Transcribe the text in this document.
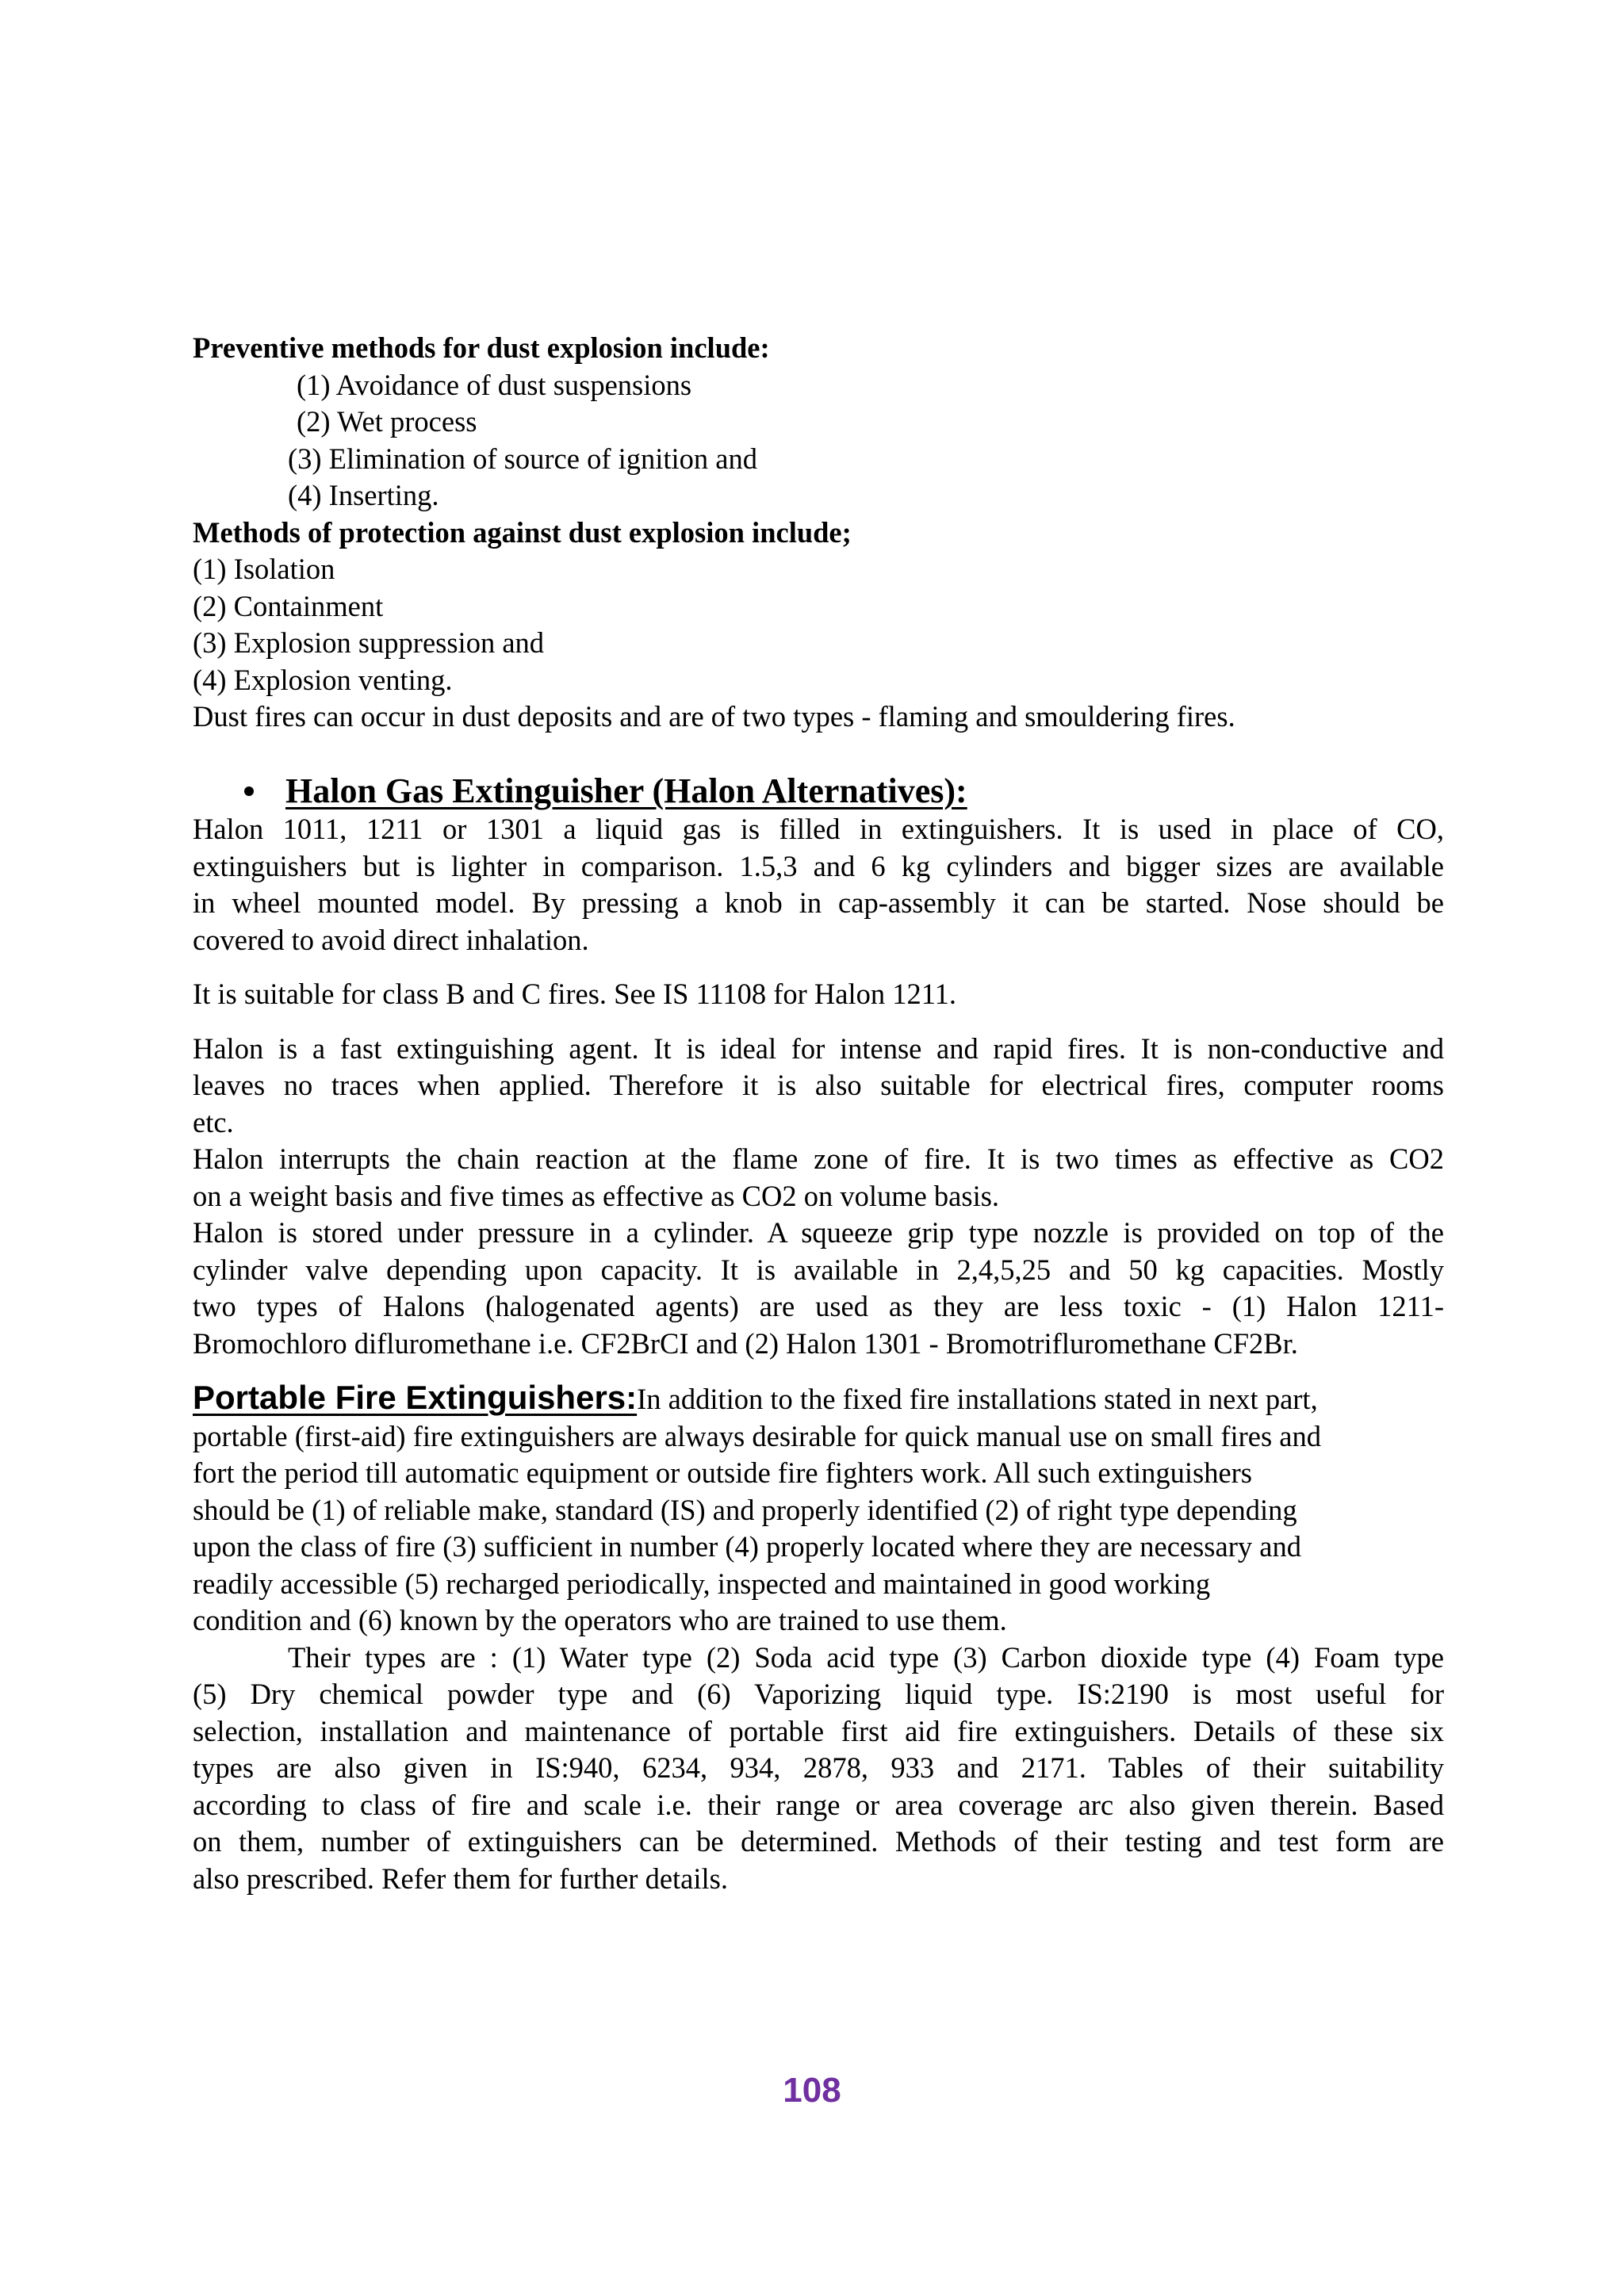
Preventive methods for dust explosion include:
(1) Avoidance of dust suspensions
(2) Wet process
(3) Elimination of source of ignition and
(4) Inserting.
Methods of protection against dust explosion include;
(1) Isolation
(2) Containment
(3) Explosion suppression and
(4) Explosion venting.
Dust fires can occur in dust deposits and are of two types - flaming and smouldering fires.
Halon Gas Extinguisher (Halon Alternatives):
Halon 1011, 1211 or 1301 a liquid gas is filled in extinguishers. It is used in place of CO,
extinguishers but is lighter in comparison. 1.5,3 and 6 kg cylinders and bigger sizes are available
in wheel mounted model. By pressing a knob in cap-assembly it can be started. Nose should be
covered to avoid direct inhalation.
It is suitable for class B and C fires. See IS 11108 for Halon 1211.
Halon is a fast extinguishing agent. It is ideal for intense and rapid fires. It is non-conductive and
leaves no traces when applied. Therefore it is also suitable for electrical fires, computer rooms
etc.
Halon interrupts the chain reaction at the flame zone of fire. It is two times as effective as CO2
on a weight basis and five times as effective as CO2 on volume basis.
Halon is stored under pressure in a cylinder. A squeeze grip type nozzle is provided on top of the
cylinder valve depending upon capacity. It is available in 2,4,5,25 and 50 kg capacities. Mostly
two types of Halons (halogenated agents) are used as they are less toxic - (1) Halon 1211-
Bromochloro difluromethane i.e. CF2BrCI and (2) Halon 1301 - Bromotrifluromethane CF2Br.
Portable Fire Extinguishers:In addition to the fixed fire installations stated in next part,
portable (first-aid) fire extinguishers are always desirable for quick manual use on small fires and
fort the period till automatic equipment or outside fire fighters work. All such extinguishers
should be (1) of reliable make, standard (IS) and properly identified (2) of right type depending
upon the class of fire (3) sufficient in number (4) properly located where they are necessary and
readily accessible (5) recharged periodically, inspected and maintained in good working
condition and (6) known by the operators who are trained to use them.
Their types are : (1) Water type (2) Soda acid type (3) Carbon dioxide type (4) Foam type
(5) Dry chemical powder type and (6) Vaporizing liquid type. IS:2190 is most useful for
selection, installation and maintenance of portable first aid fire extinguishers. Details of these six
types are also given in IS:940, 6234, 934, 2878, 933 and 2171. Tables of their suitability
according to class of fire and scale i.e. their range or area coverage arc also given therein. Based
on them, number of extinguishers can be determined. Methods of their testing and test form are
also prescribed. Refer them for further details.
108
